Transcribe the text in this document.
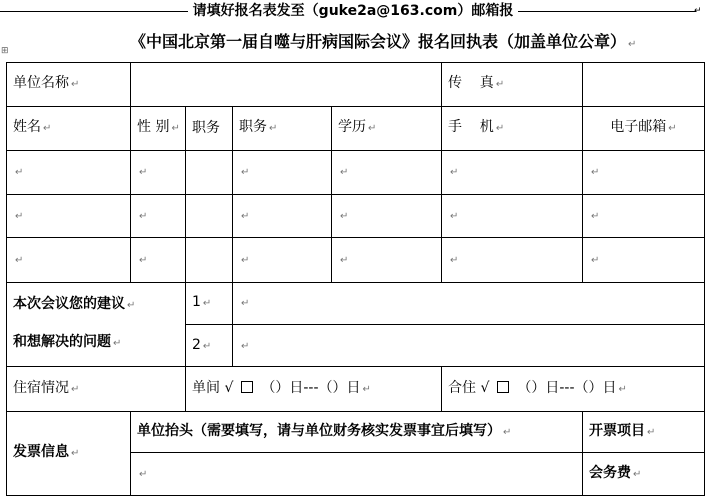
请填好报名表发至（guke2a@163.com）邮箱报	↵
⊞	《中国北京第一届自噬与肝病国际会议》报名回执表（加盖单位公章） ↵
单位名称 ↵					传    真 ↵	
姓名 ↵	性 别 ↵	职务	职务 ↵	学历 ↵	手    机 ↵	电子邮箱 ↵
↵	↵		↵	↵	↵	↵
↵	↵		↵	↵	↵	↵
↵	↵		↵	↵	↵	↵

本次会议您的建议 ↵
和想解决的问题 ↵		1 ↵	↵			
		2 ↵	↵			
住宿情况 ↵		单间 √ （）日---（）日 ↵			合住 √ （）日---（）日 ↵	
发票信息 ↵	单位抬头（需要填写，请与单位财务核实发票事宜后填写） ↵					开票项目 ↵
	↵					会务费 ↵
